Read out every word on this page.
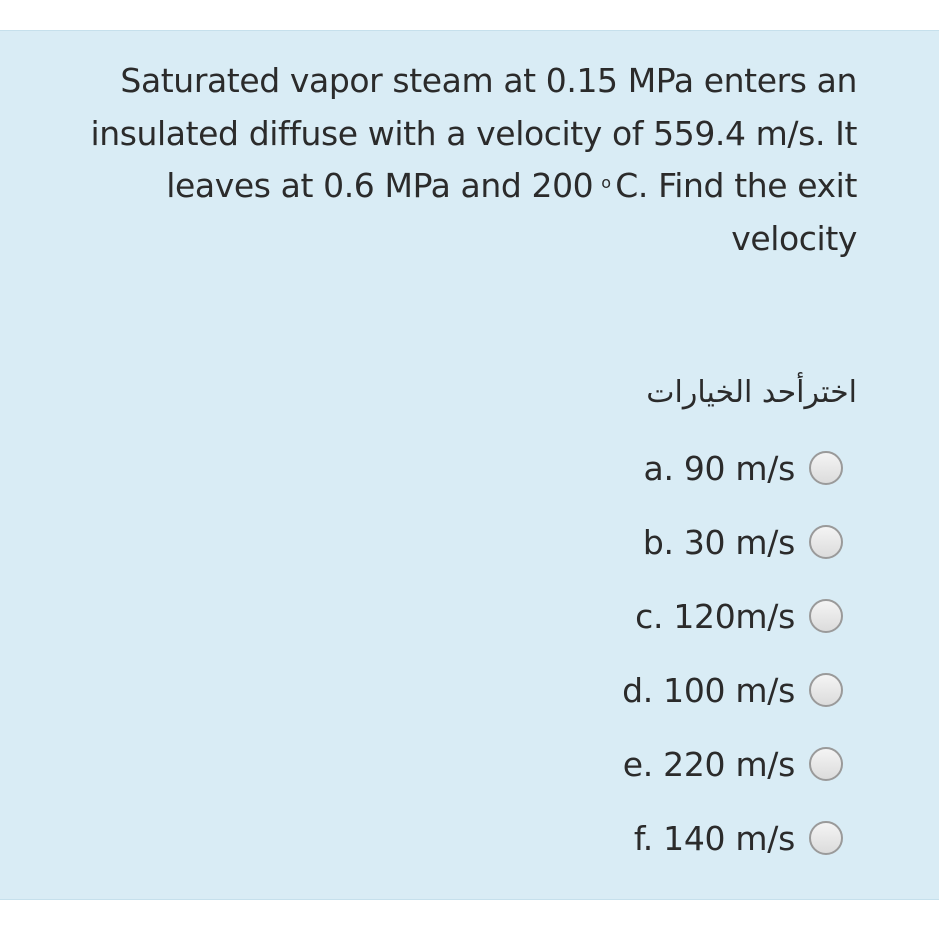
Saturated vapor steam at 0.15 MPa enters an
insulated diffuse with a velocity of 559.4 m/s. It
leaves at 0.6 MPa and 200 o C. Find the exit
velocity
اخترأحد الخيارات
a. 90 m/s
b. 30 m/s
c. 120m/s
d. 100 m/s
e. 220 m/s
f. 140 m/s
